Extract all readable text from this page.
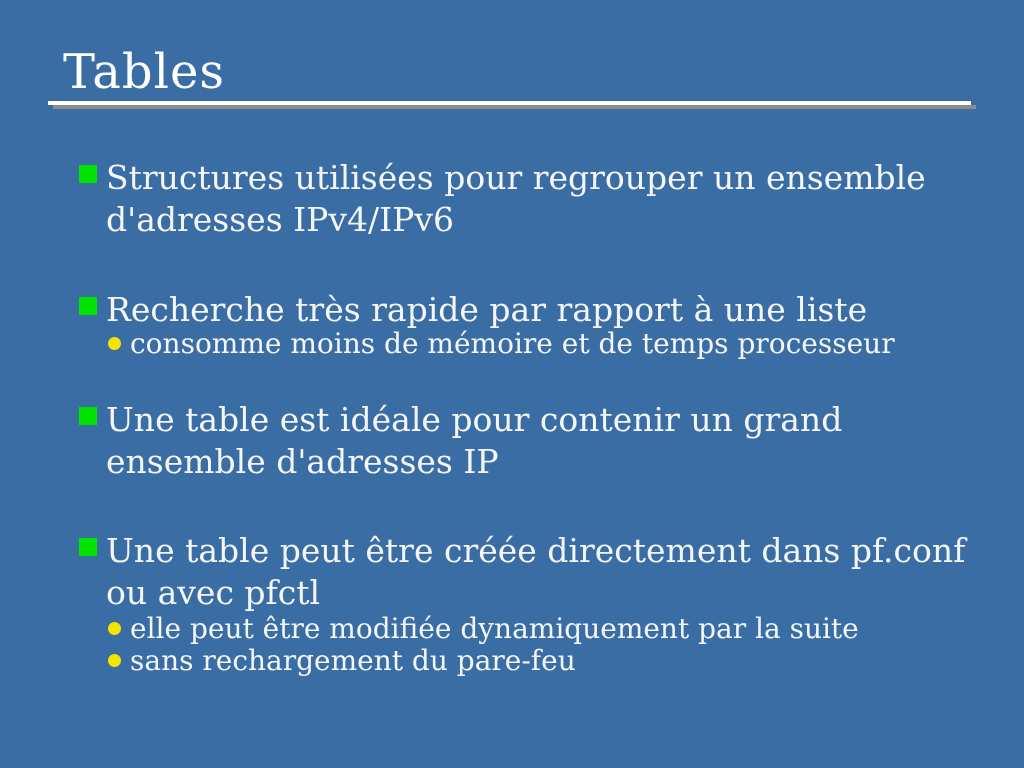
Tables
Structures utilisées pour regrouper un ensemble
d'adresses IPv4/IPv6
Recherche très rapide par rapport à une liste
consomme moins de mémoire et de temps processeur
Une table est idéale pour contenir un grand
ensemble d'adresses IP
Une table peut être créée directement dans pf.conf
ou avec pfctl
elle peut être modifiée dynamiquement par la suite
sans rechargement du pare-feu
